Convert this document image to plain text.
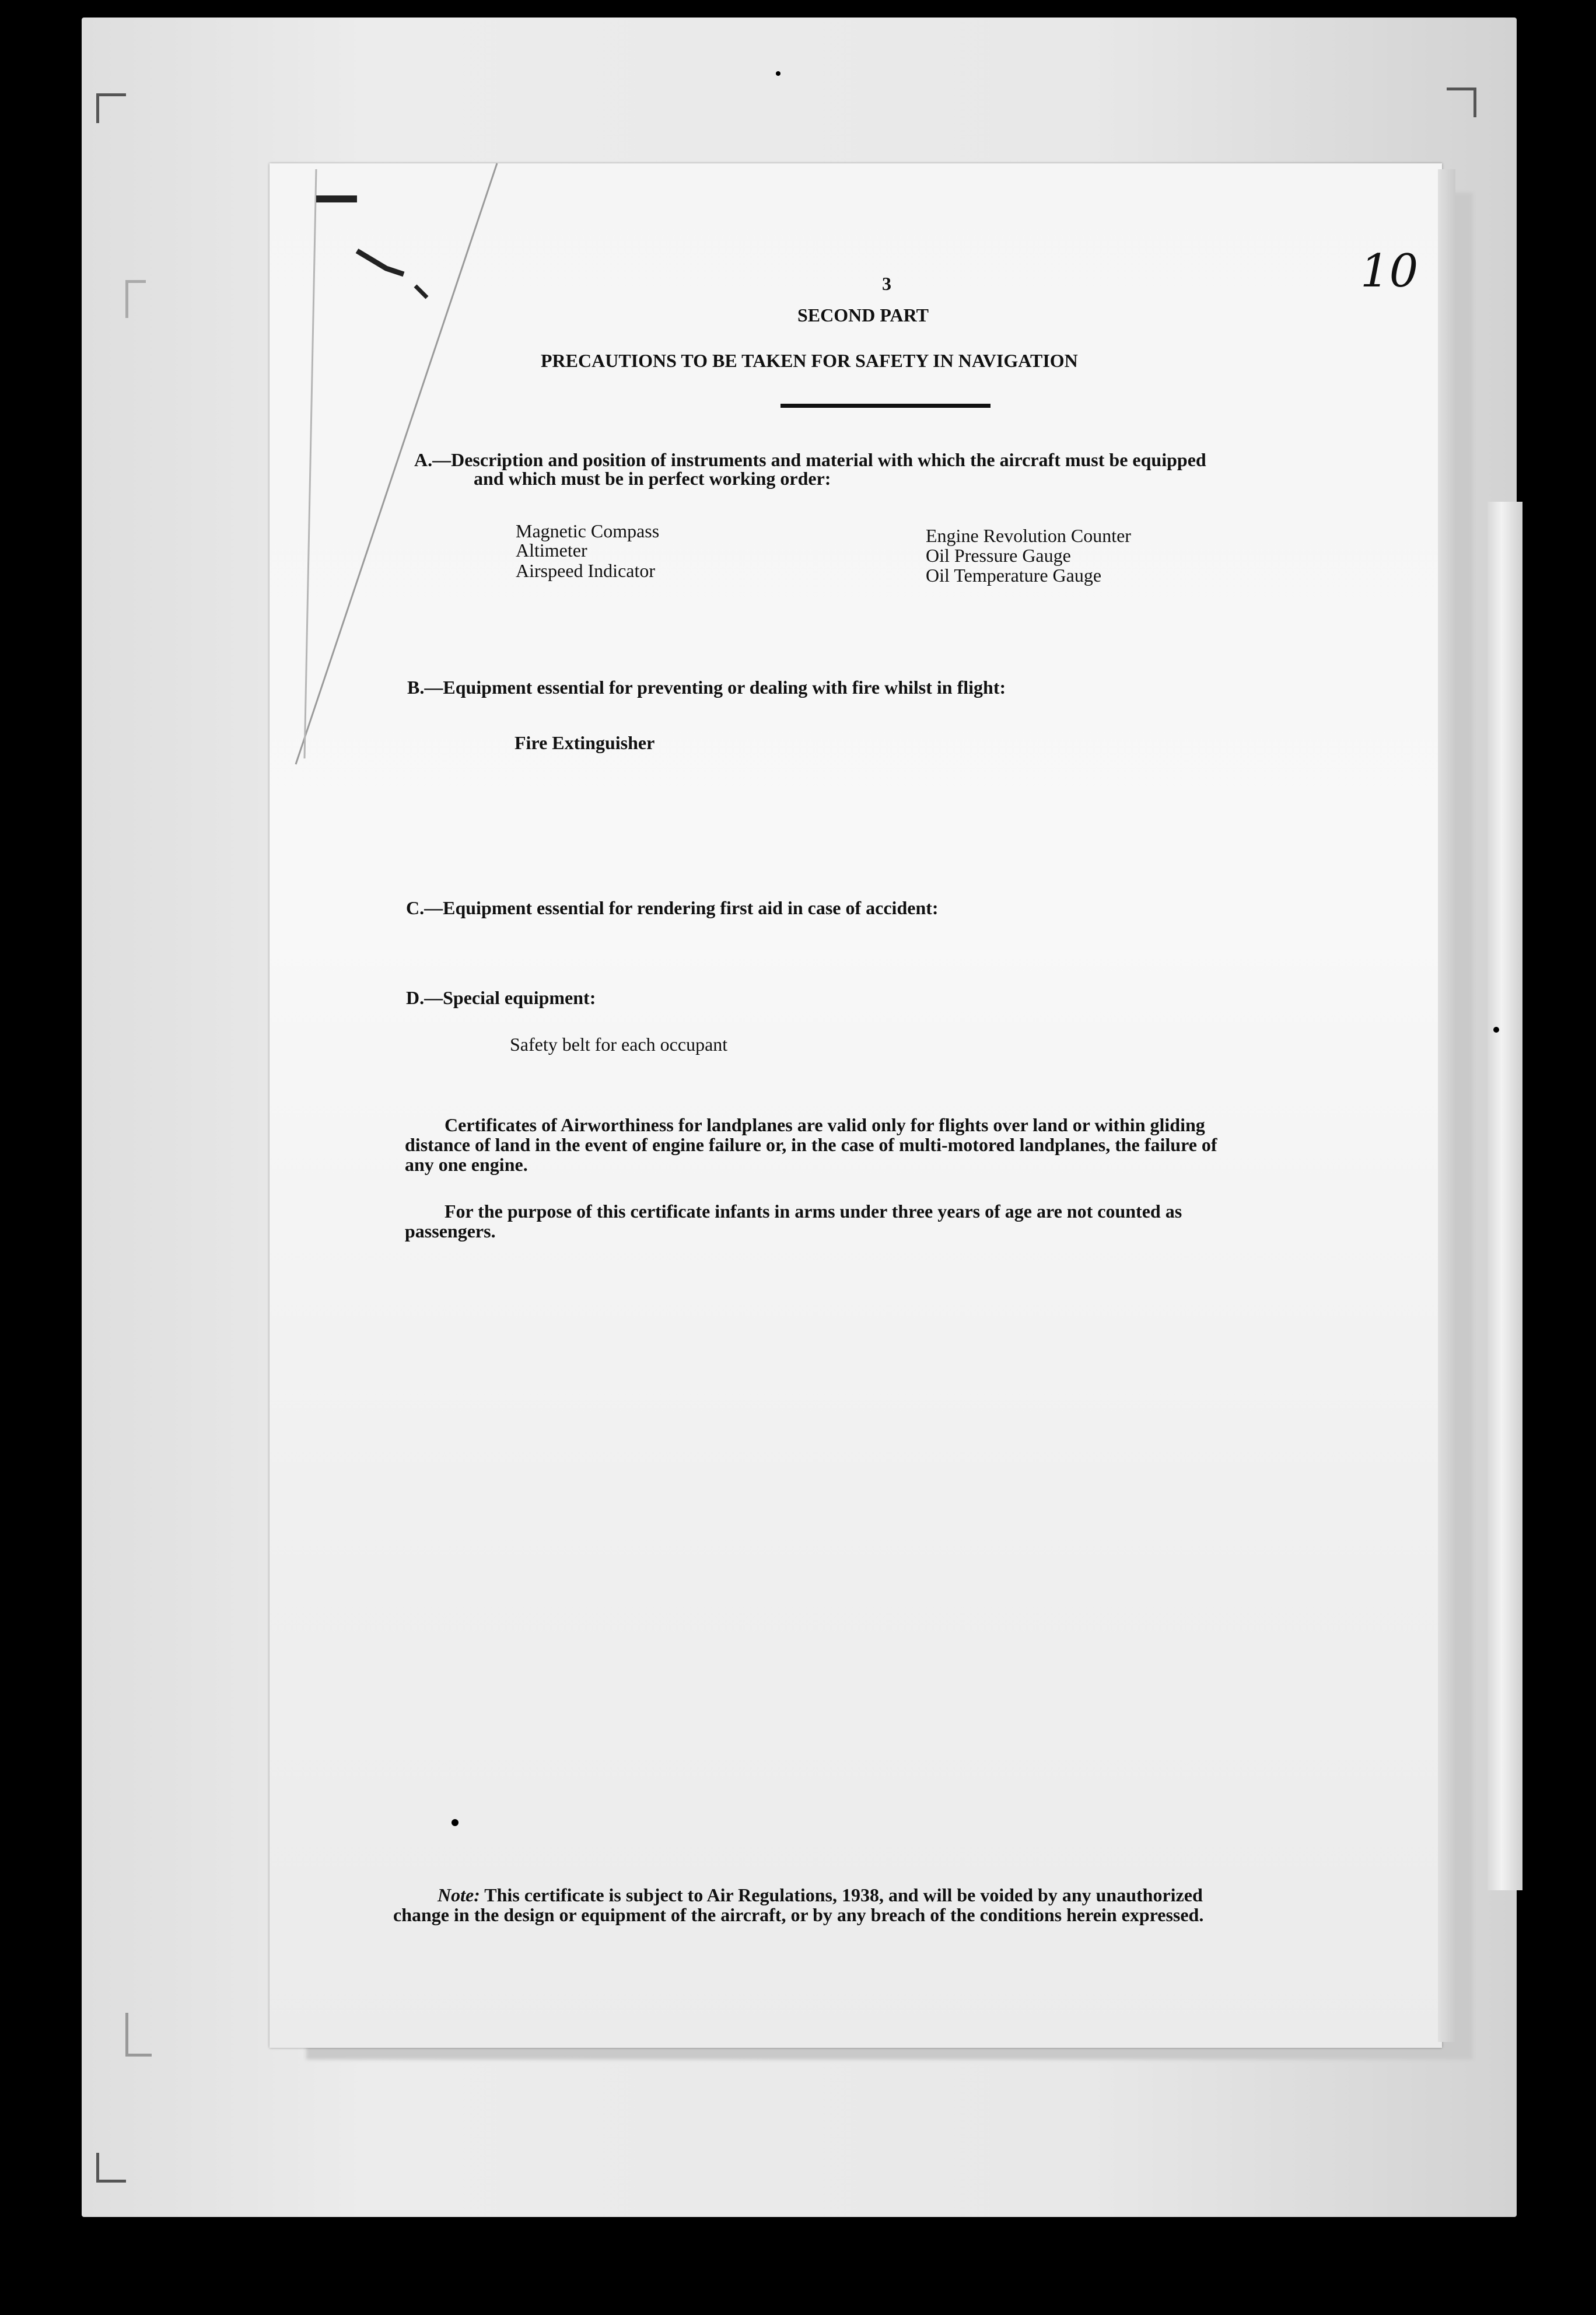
3	10
SECOND PART
PRECAUTIONS TO BE TAKEN FOR SAFETY IN NAVIGATION
A.—Description and position of instruments and material with which the aircraft must be equipped
and which must be in perfect working order:
Magnetic Compass
Altimeter
Airspeed Indicator
Engine Revolution Counter
Oil Pressure Gauge
Oil Temperature Gauge
B.—Equipment essential for preventing or dealing with fire whilst in flight:
Fire Extinguisher
C.—Equipment essential for rendering first aid in case of accident:
D.—Special equipment:
Safety belt for each occupant
Certificates of Airworthiness for landplanes are valid only for flights over land or within gliding
distance of land in the event of engine failure or, in the case of multi-motored landplanes, the failure of
any one engine.
For the purpose of this certificate infants in arms under three years of age are not counted as
passengers.
Note: This certificate is subject to Air Regulations, 1938, and will be voided by any unauthorized
change in the design or equipment of the aircraft, or by any breach of the conditions herein expressed.
